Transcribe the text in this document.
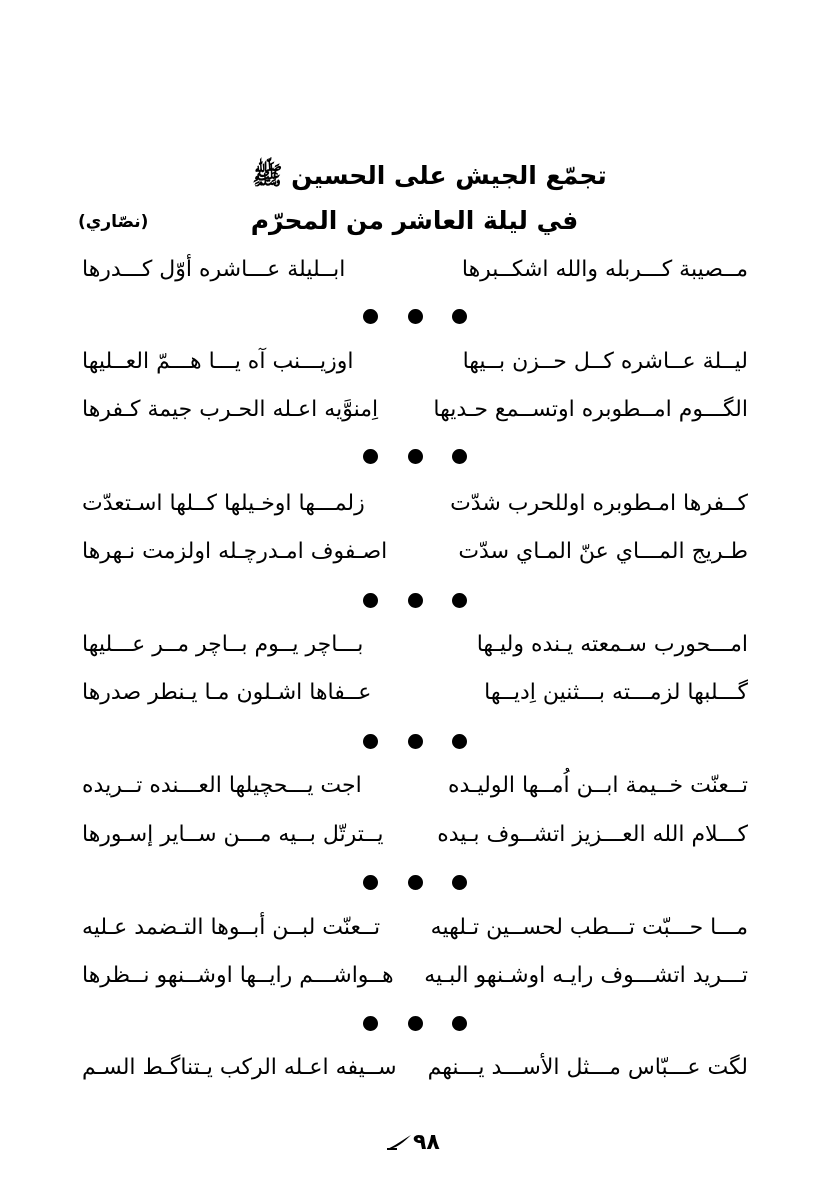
تجمّع الجيش على الحسين ﷺ
في ليلة العاشر من المحرّم
(نصّاري)
مــصيبة كـــربله والله اشكــبرها
ابــليلة عـــاشره أوّل كـــدرها
ليــلة عــاشره كــل حــزن بــيها
اوزيـــنب آه يـــا هـــمّ العــليها
الگـــوم امــطوبره اوتســمع حـديها
اِمنوَّيه اعـله الحـرب جيمة كـفرها
كــفرها امـطوبره اوللحرب شدّت
زلمـــها اوخـيلها كــلها اسـتعدّت
طـريج المـــاي عنّ المـاي سدّت
اصـفوف امـدرچـله اولزمت نـهرها
امـــحورب سـمعته يـنده وليـها
بـــاچر يــوم بــاچر مــر عـــليها
گـــلبها لزمـــته بـــثنين اِديــها
عــفاها اشـلون مـا يـنطر صدرها
تــعنّت خــيمة ابــن اُمــها الوليـده
اجت يـــحچيلها العـــنده تــريده
كـــلام الله العـــزيز اتشــوف بـيده
يــترتّل بــيه مـــن ســاير إسـورها
مـــا حـــبّت تـــطب لحســين تـلهيه
تــعنّت لبــن أبــوها التـضمد عـليه
تـــريد اتشـــوف رايـه اوشـنهو البـيه
هــواشـــم رايــها اوشــنهو نــظرها
لگت عـــبّاس مـــثل الأســـد يـــنهم
ســيفه اعـله الركب يـتناگـط السـم
٩٨
